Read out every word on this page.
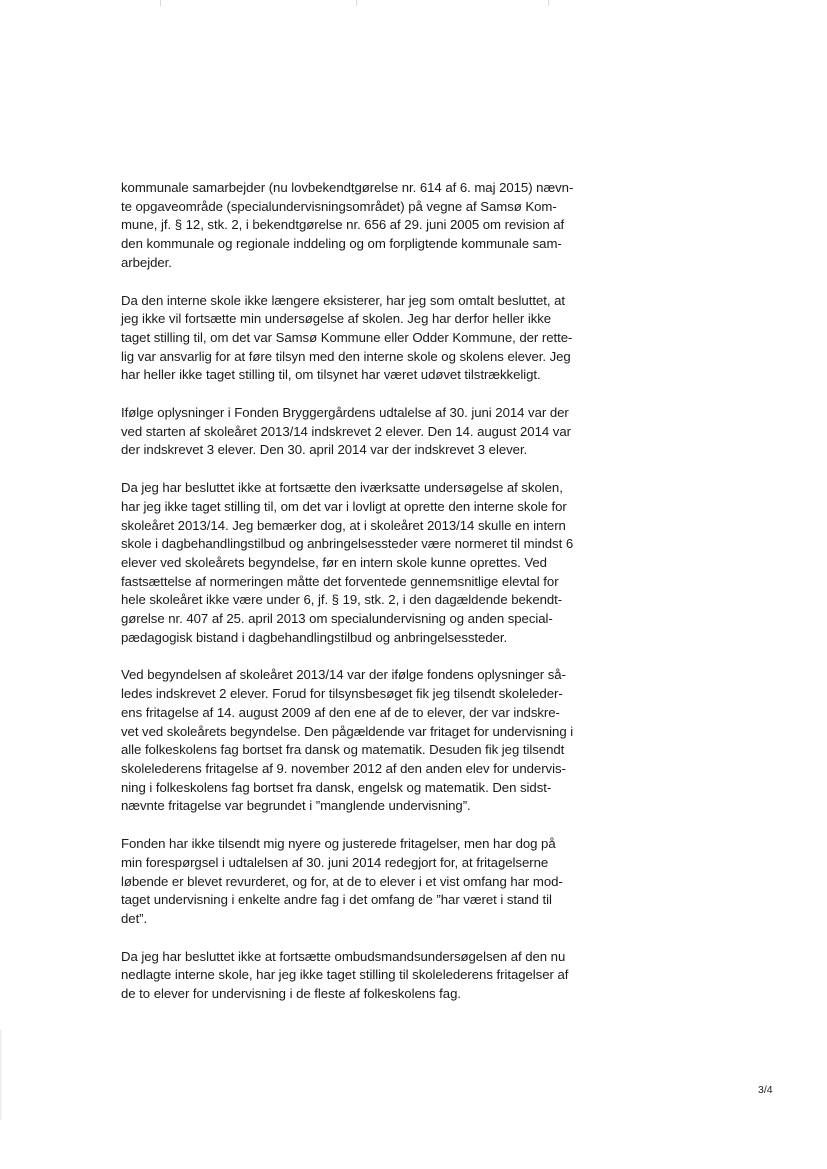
kommunale samarbejder (nu lovbekendtgørelse nr. 614 af 6. maj 2015) nævn-
te opgaveområde (specialundervisningsområdet) på vegne af Samsø Kom-
mune, jf. § 12, stk. 2, i bekendtgørelse nr. 656 af 29. juni 2005 om revision af
den kommunale og regionale inddeling og om forpligtende kommunale sam-
arbejder.

Da den interne skole ikke længere eksisterer, har jeg som omtalt besluttet, at
jeg ikke vil fortsætte min undersøgelse af skolen. Jeg har derfor heller ikke
taget stilling til, om det var Samsø Kommune eller Odder Kommune, der rette-
lig var ansvarlig for at føre tilsyn med den interne skole og skolens elever. Jeg
har heller ikke taget stilling til, om tilsynet har været udøvet tilstrækkeligt.

Ifølge oplysninger i Fonden Bryggergårdens udtalelse af 30. juni 2014 var der
ved starten af skoleåret 2013/14 indskrevet 2 elever. Den 14. august 2014 var
der indskrevet 3 elever. Den 30. april 2014 var der indskrevet 3 elever.

Da jeg har besluttet ikke at fortsætte den iværksatte undersøgelse af skolen,
har jeg ikke taget stilling til, om det var i lovligt at oprette den interne skole for
skoleåret 2013/14. Jeg bemærker dog, at i skoleåret 2013/14 skulle en intern
skole i dagbehandlingstilbud og anbringelsessteder være normeret til mindst 6
elever ved skoleårets begyndelse, før en intern skole kunne oprettes. Ved
fastsættelse af normeringen måtte det forventede gennemsnitlige elevtal for
hele skoleåret ikke være under 6, jf. § 19, stk. 2, i den dagældende bekendt-
gørelse nr. 407 af 25. april 2013 om specialundervisning og anden special-
pædagogisk bistand i dagbehandlingstilbud og anbringelsessteder.

Ved begyndelsen af skoleåret 2013/14 var der ifølge fondens oplysninger så-
ledes indskrevet 2 elever. Forud for tilsynsbesøget fik jeg tilsendt skoleleder-
ens fritagelse af 14. august 2009 af den ene af de to elever, der var indskre-
vet ved skoleårets begyndelse. Den pågældende var fritaget for undervisning i
alle folkeskolens fag bortset fra dansk og matematik. Desuden fik jeg tilsendt
skolelederens fritagelse af 9. november 2012 af den anden elev for undervis-
ning i folkeskolens fag bortset fra dansk, engelsk og matematik. Den sidst-
nævnte fritagelse var begrundet i ”manglende undervisning”.

Fonden har ikke tilsendt mig nyere og justerede fritagelser, men har dog på
min forespørgsel i udtalelsen af 30. juni 2014 redegjort for, at fritagelserne
løbende er blevet revurderet, og for, at de to elever i et vist omfang har mod-
taget undervisning i enkelte andre fag i det omfang de ”har været i stand til
det”.

Da jeg har besluttet ikke at fortsætte ombudsmandsundersøgelsen af den nu
nedlagte interne skole, har jeg ikke taget stilling til skolelederens fritagelser af
de to elever for undervisning i de fleste af folkeskolens fag.

3/4
